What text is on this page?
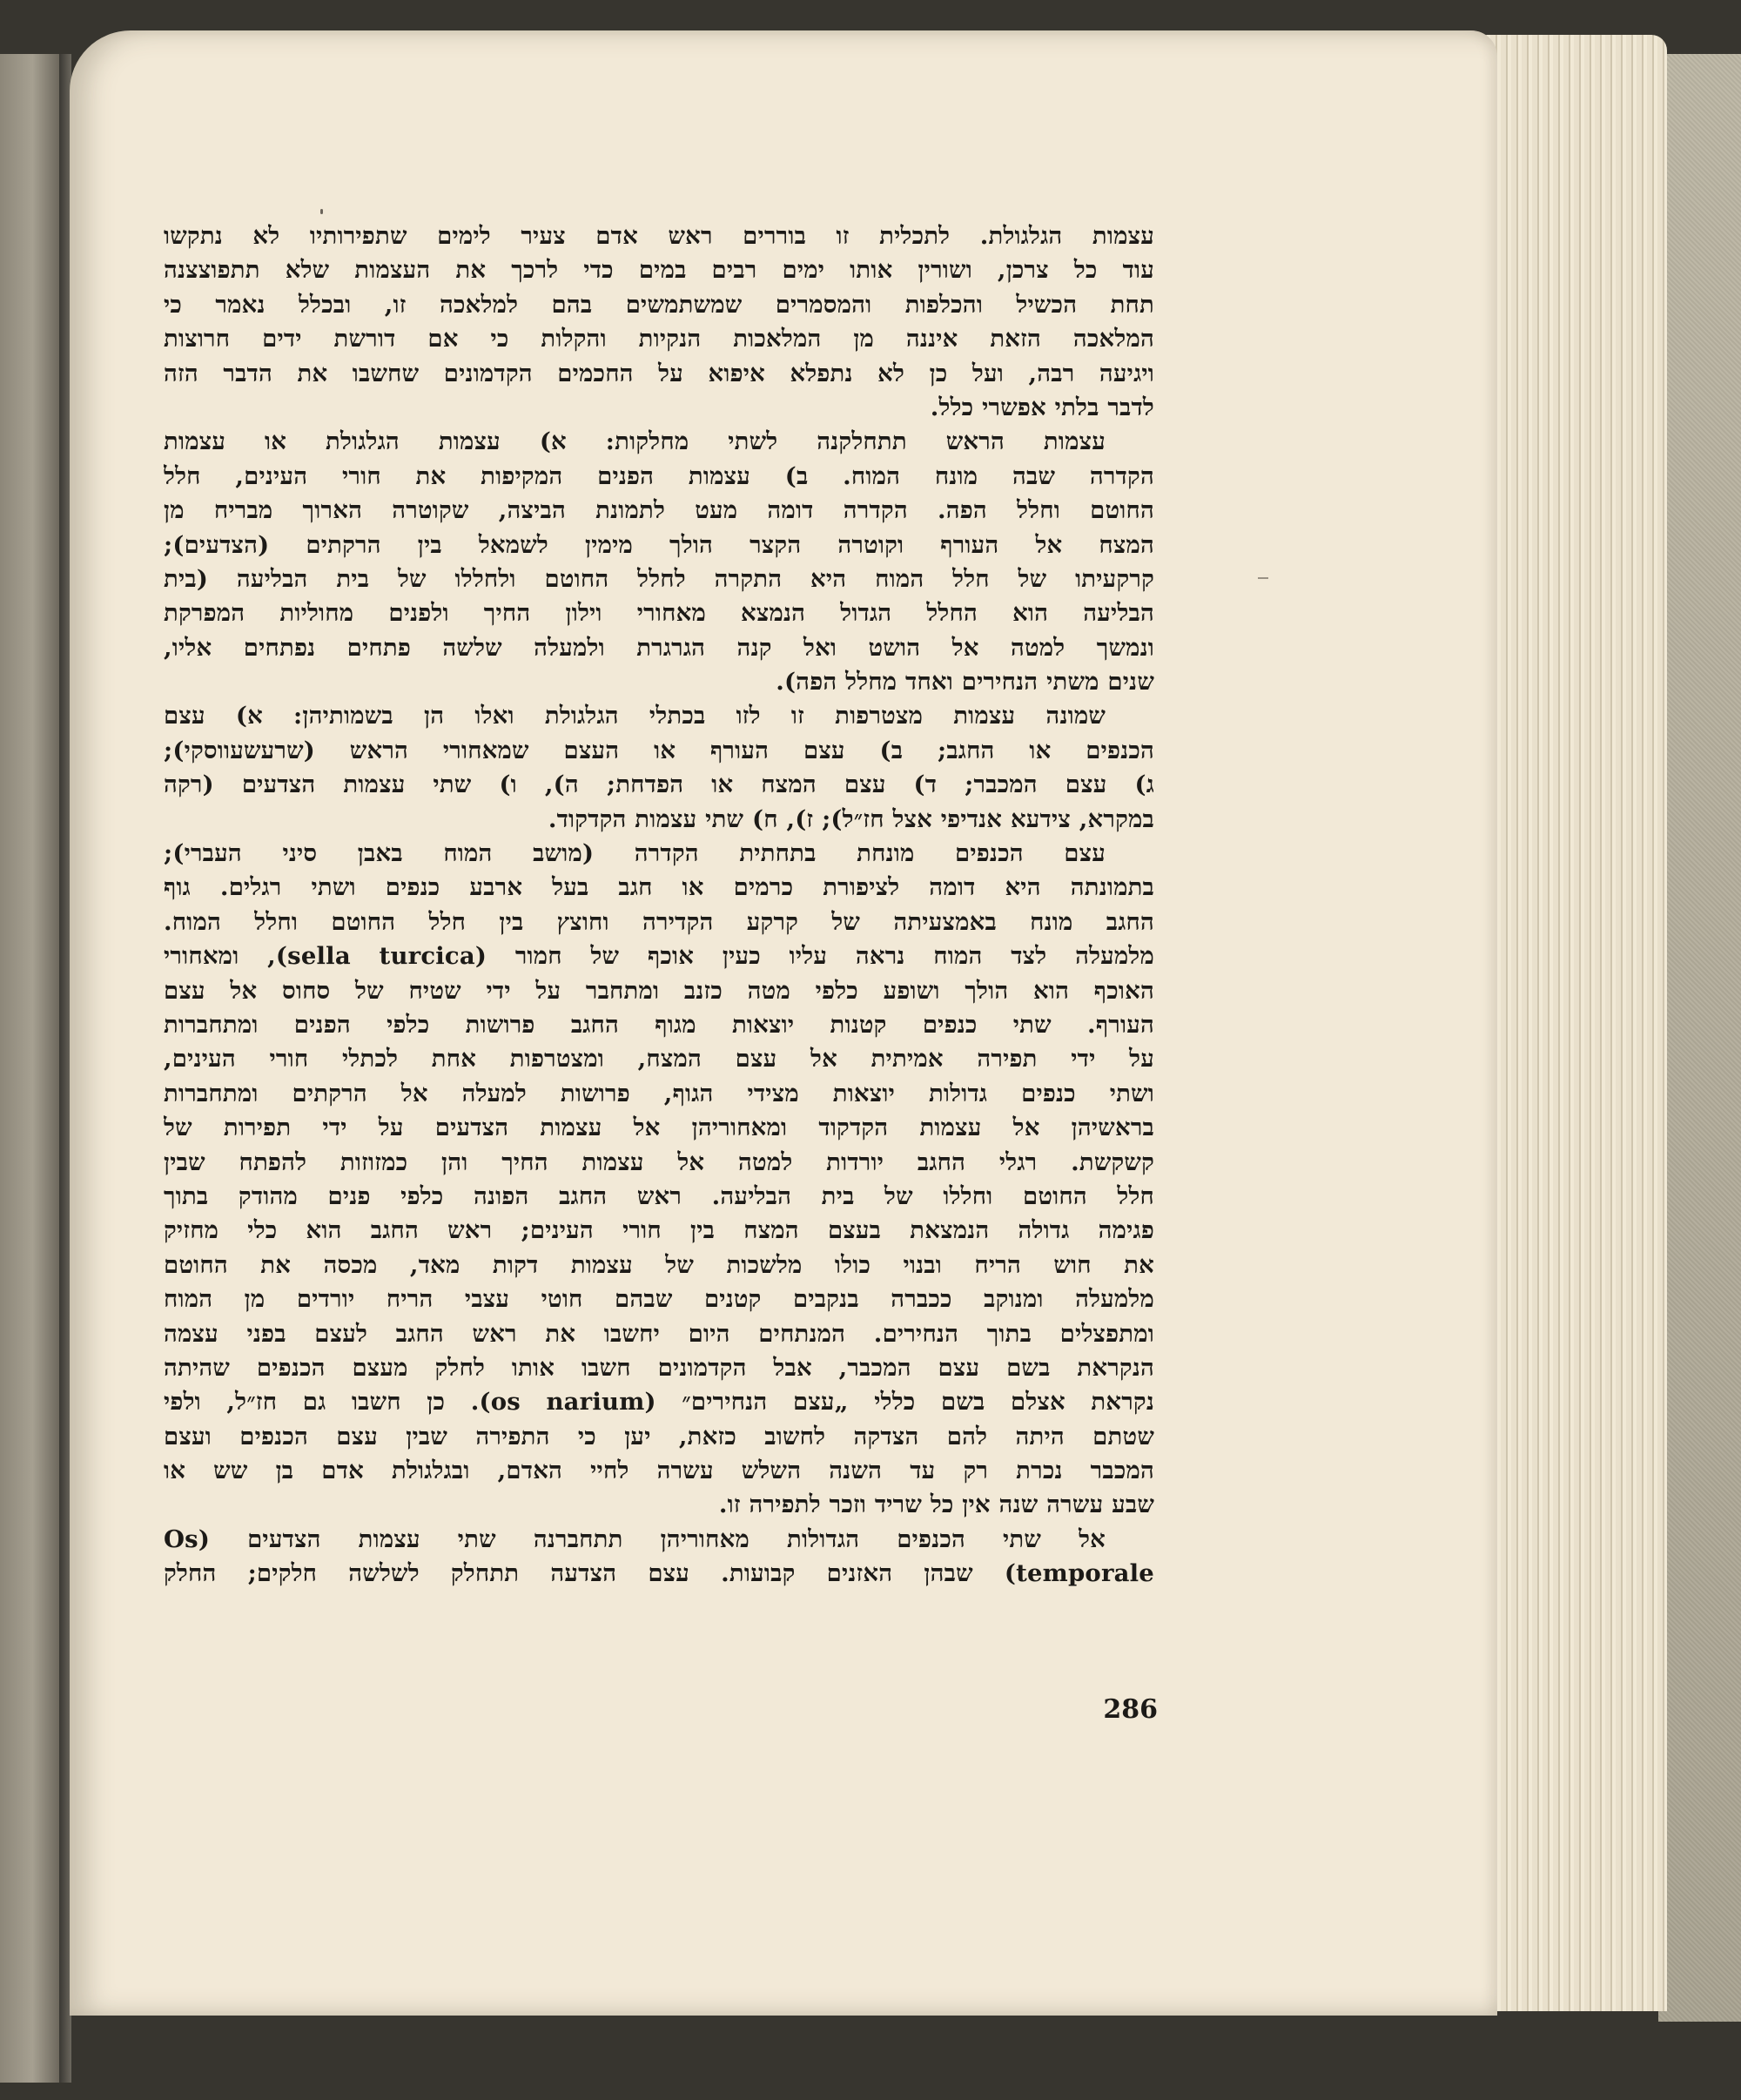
עצמות הגלגולת. לתכלית זו בוררים ראש אדם צעיר לימים שתפירותיו לא נתקשו
עוד כל צרכן, ושורין אותו ימים רבים במים כדי לרכך את העצמות שלא תתפוצצנה
תחת הכשיל והכלפות והמסמרים שמשתמשים בהם למלאכה זו, ובכלל נאמר כי
המלאכה הזאת איננה מן המלאכות הנקיות והקלות כי אם דורשת ידים חרוצות
ויגיעה רבה, ועל כן לא נתפלא איפוא על החכמים הקדמונים שחשבו את הדבר הזה
לדבר בלתי אפשרי כלל.
עצמות הראש תתחלקנה לשתי מחלקות: א) עצמות הגלגולת או עצמות
הקדרה שבה מונח המוח. ב) עצמות הפנים המקיפות את חורי העינים, חלל
החוטם וחלל הפה. הקדרה דומה מעט לתמונת הביצה, שקוטרה הארוך מבריח מן
המצח אל העורף וקוטרה הקצר הולך מימין לשמאל בין הרקתים (הצדעים);
קרקעיתו של חלל המוח היא התקרה לחלל החוטם ולחללו של בית הבליעה (בית
הבליעה הוא החלל הגדול הנמצא מאחורי וילון החיך ולפנים מחוליות המפרקת
ונמשך למטה אל הושט ואל קנה הגרגרת ולמעלה שלשה פתחים נפתחים אליו,
שנים משתי הנחירים ואחד מחלל הפה).
שמונה עצמות מצטרפות זו לזו בכתלי הגלגולת ואלו הן בשמותיהן: א) עצם
הכנפים או החגב; ב) עצם העורף או העצם שמאחורי הראש (שרעשעווסקי);
ג) עצם המכבר; ד) עצם המצח או הפדחת; ה), ו) שתי עצמות הצדעים (רקה
במקרא, צידעא אנדיפי אצל חז״ל); ז), ח) שתי עצמות הקדקוד.
עצם הכנפים מונחת בתחתית הקדרה (מושב המוח באבן סיני העברי);
בתמונתה היא דומה לציפורת כרמים או חגב בעל ארבע כנפים ושתי רגלים. גוף
החגב מונח באמצעיתה של קרקע הקדירה וחוצץ בין חלל החוטם וחלל המוח.
מלמעלה לצד המוח נראה עליו כעין אוכף של חמור (sella turcica), ומאחורי
האוכף הוא הולך ושופע כלפי מטה כזנב ומתחבר על ידי שטיח של סחוס אל עצם
העורף. שתי כנפים קטנות יוצאות מגוף החגב פרושות כלפי הפנים ומתחברות
על ידי תפירה אמיתית אל עצם המצח, ומצטרפות אחת לכתלי חורי העינים,
ושתי כנפים גדולות יוצאות מצידי הגוף, פרושות למעלה אל הרקתים ומתחברות
בראשיהן אל עצמות הקדקוד ומאחוריהן אל עצמות הצדעים על ידי תפירות של
קשקשת. רגלי החגב יורדות למטה אל עצמות החיך והן כמזוזות להפתח שבין
חלל החוטם וחללו של בית הבליעה. ראש החגב הפונה כלפי פנים מהודק בתוך
פגימה גדולה הנמצאת בעצם המצח בין חורי העינים; ראש החגב הוא כלי מחזיק
את חוש הריח ובנוי כולו מלשכות של עצמות דקות מאד, מכסה את החוטם
מלמעלה ומנוקב ככברה בנקבים קטנים שבהם חוטי עצבי הריח יורדים מן המוח
ומתפצלים בתוך הנחירים. המנתחים היום יחשבו את ראש החגב לעצם בפני עצמה
הנקראת בשם עצם המכבר, אבל הקדמונים חשבו אותו לחלק מעצם הכנפים שהיתה
נקראת אצלם בשם כללי „עצם הנחירים״ (os narium). כן חשבו גם חז״ל, ולפי
שטתם היתה להם הצדקה לחשוב כזאת, יען כי התפירה שבין עצם הכנפים ועצם
המכבר נכרת רק עד השנה השלש עשרה לחיי האדם, ובגלגולת אדם בן שש או
שבע עשרה שנה אין כל שריד וזכר לתפירה זו.
אל שתי הכנפים הגדולות מאחוריהן תתחברנה שתי עצמות הצדעים (Os
temporale) שבהן האזנים קבועות. עצם הצדעה תתחלק לשלשה חלקים; החלק
286
